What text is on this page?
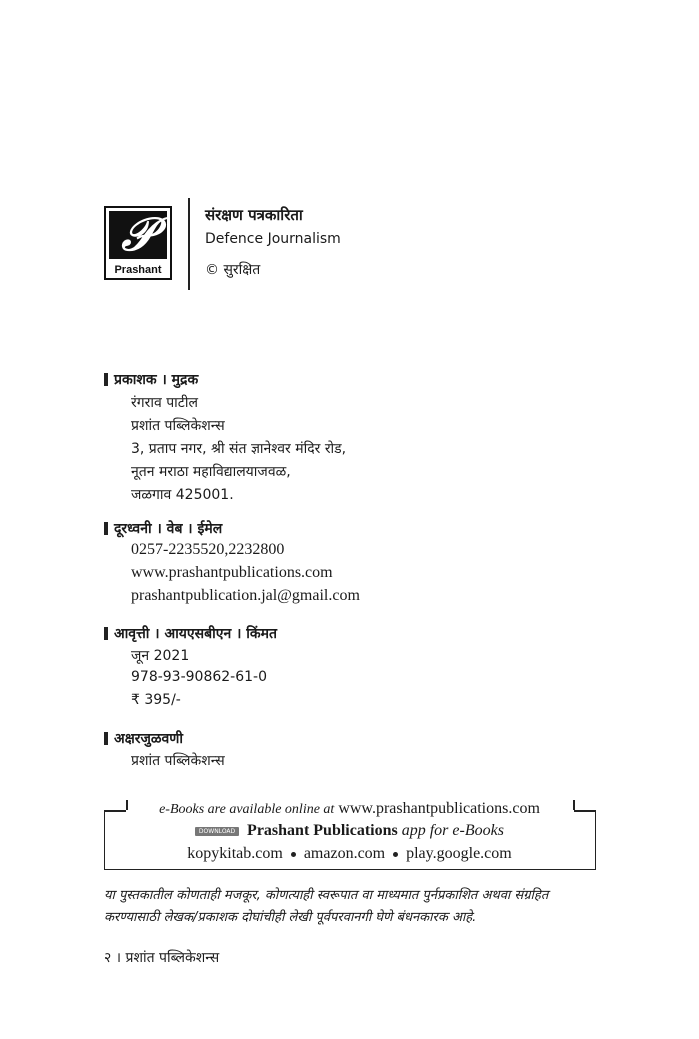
𝒫
Prashant
संरक्षण पत्रकारिता
Defence Journalism
© सुरक्षित
प्रकाशक । मुद्रक
रंगराव पाटील
प्रशांत पब्लिकेशन्स
3, प्रताप नगर, श्री संत ज्ञानेश्वर मंदिर रोड,
नूतन मराठा महाविद्यालयाजवळ,
जळगाव 425001.
दूरध्वनी । वेब । ईमेल
0257-2235520,2232800
www.prashantpublications.com
prashantpublication.jal@gmail.com
आवृत्ती । आयएसबीएन । किंमत
जून 2021
978-93-90862-61-0
₹ 395/-
अक्षरजुळवणी
प्रशांत पब्लिकेशन्स
e-Books are available online at www.prashantpublications.com
DOWNLOAD ON ▶ Prashant Publications app for e-Books
kopykitab.com amazon.com play.google.com
या पुस्तकातील कोणताही मजकूर, कोणत्याही स्वरूपात वा माध्यमात पुर्नप्रकाशित अथवा संग्रहित करण्यासाठी लेखक/प्रकाशक दोघांचीही लेखी पूर्वपरवानगी घेणे बंधनकारक आहे.
२ । प्रशांत पब्लिकेशन्स
